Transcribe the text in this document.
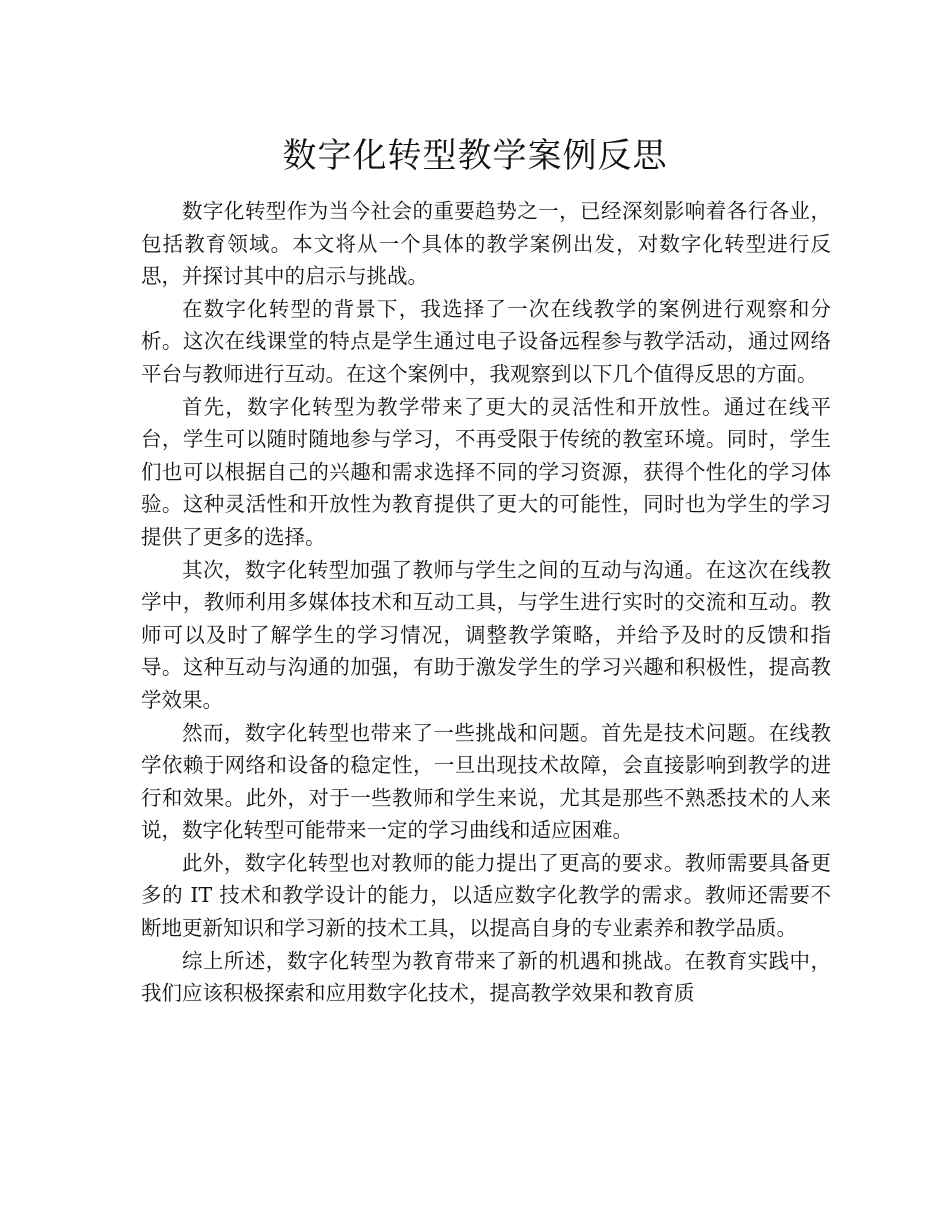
数字化转型教学案例反思

数字化转型作为当今社会的重要趋势之一，已经深刻影响着各行各业，包括教育领域。本文将从一个具体的教学案例出发，对数字化转型进行反思，并探讨其中的启示与挑战。

在数字化转型的背景下，我选择了一次在线教学的案例进行观察和分析。这次在线课堂的特点是学生通过电子设备远程参与教学活动，通过网络平台与教师进行互动。在这个案例中，我观察到以下几个值得反思的方面。

首先，数字化转型为教学带来了更大的灵活性和开放性。通过在线平台，学生可以随时随地参与学习，不再受限于传统的教室环境。同时，学生们也可以根据自己的兴趣和需求选择不同的学习资源，获得个性化的学习体验。这种灵活性和开放性为教育提供了更大的可能性，同时也为学生的学习提供了更多的选择。

其次，数字化转型加强了教师与学生之间的互动与沟通。在这次在线教学中，教师利用多媒体技术和互动工具，与学生进行实时的交流和互动。教师可以及时了解学生的学习情况，调整教学策略，并给予及时的反馈和指导。这种互动与沟通的加强，有助于激发学生的学习兴趣和积极性，提高教学效果。

然而，数字化转型也带来了一些挑战和问题。首先是技术问题。在线教学依赖于网络和设备的稳定性，一旦出现技术故障，会直接影响到教学的进行和效果。此外，对于一些教师和学生来说，尤其是那些不熟悉技术的人来说，数字化转型可能带来一定的学习曲线和适应困难。

此外，数字化转型也对教师的能力提出了更高的要求。教师需要具备更多的 IT 技术和教学设计的能力，以适应数字化教学的需求。教师还需要不断地更新知识和学习新的技术工具，以提高自身的专业素养和教学品质。

综上所述，数字化转型为教育带来了新的机遇和挑战。在教育实践中，我们应该积极探索和应用数字化技术，提高教学效果和教育质
